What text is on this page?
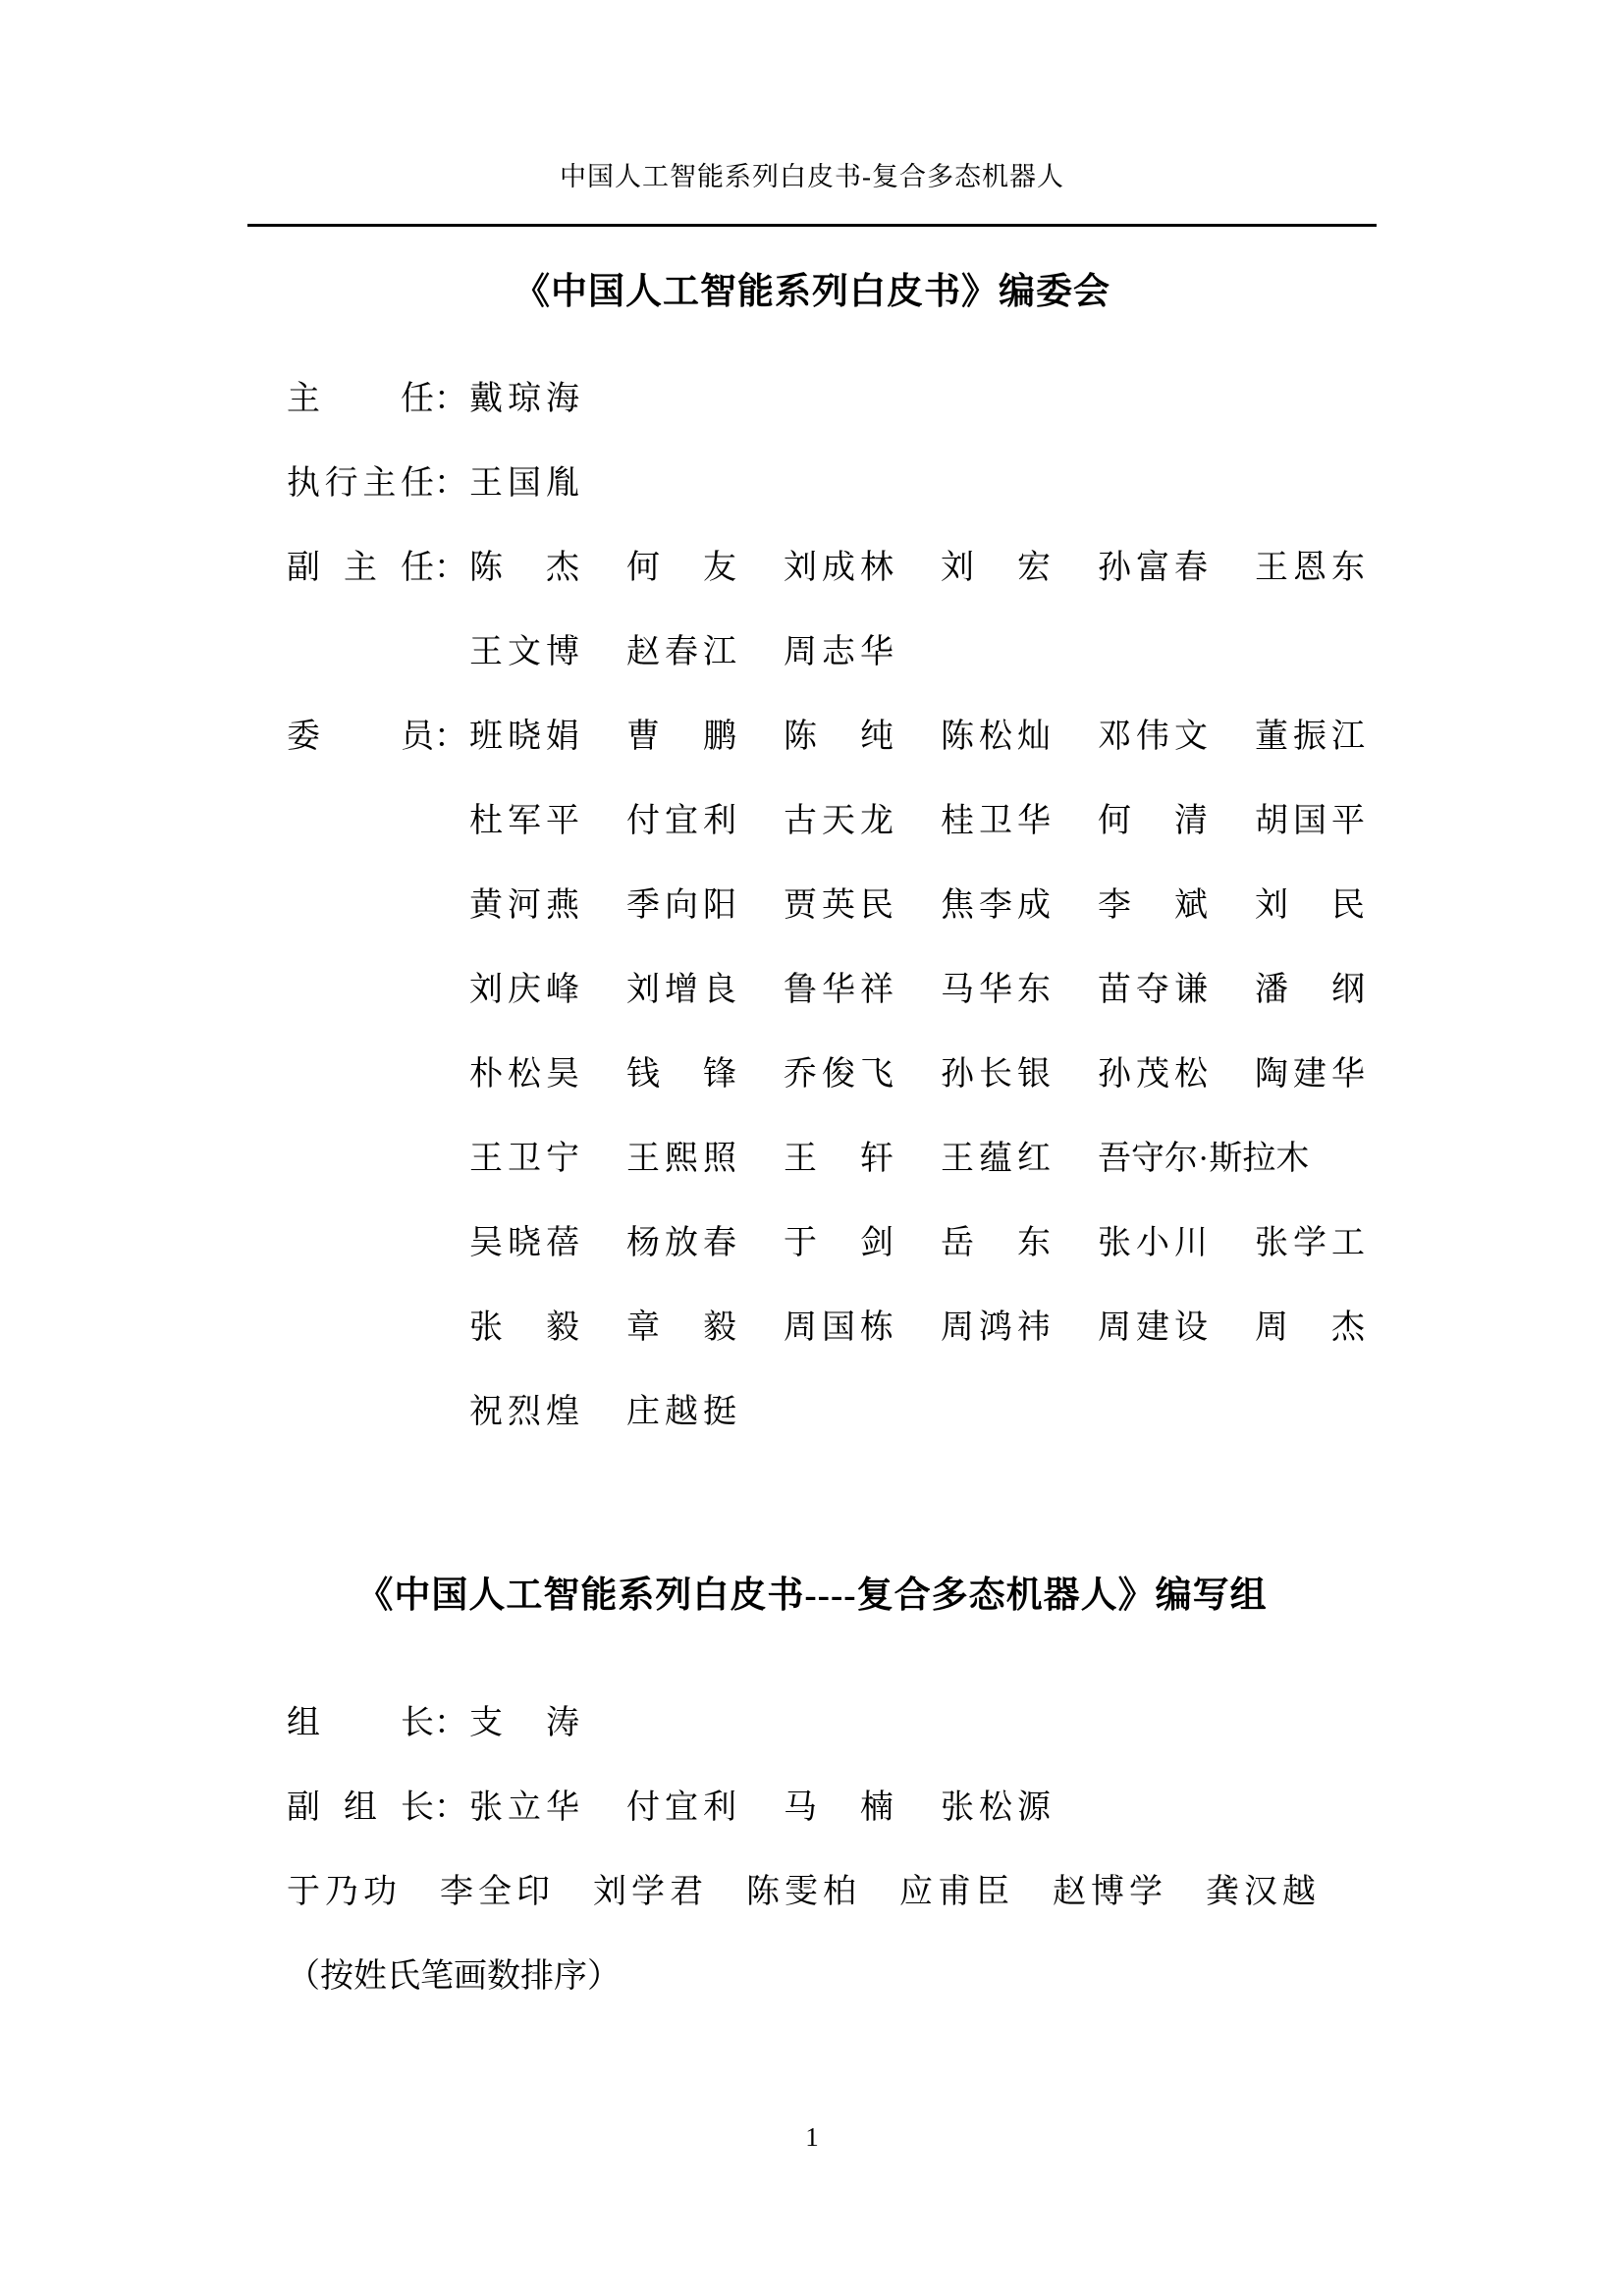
中国人工智能系列白皮书-复合多态机器人
《中国人工智能系列白皮书》编委会
主任：戴琼海
执行主任：王国胤
副主任：陈杰 何友 刘成林 刘宏 孙富春 王恩东
王文博 赵春江 周志华
委员：班晓娟 曹鹏 陈纯 陈松灿 邓伟文 董振江
杜军平 付宜利 古天龙 桂卫华 何清 胡国平
黄河燕 季向阳 贾英民 焦李成 李斌 刘民
刘庆峰 刘增良 鲁华祥 马华东 苗夺谦 潘纲
朴松昊 钱锋 乔俊飞 孙长银 孙茂松 陶建华
王卫宁 王熙照 王轩 王蕴红 吾守尔·斯拉木
吴晓蓓 杨放春 于剑 岳东 张小川 张学工
张毅 章毅 周国栋 周鸿祎 周建设 周杰
祝烈煌 庄越挺
《中国人工智能系列白皮书----复合多态机器人》编写组
组长：支涛
副组长：张立华 付宜利 马楠 张松源
于乃功 李全印 刘学君 陈雯柏 应甫臣 赵博学 龚汉越
（按姓氏笔画数排序）
1
